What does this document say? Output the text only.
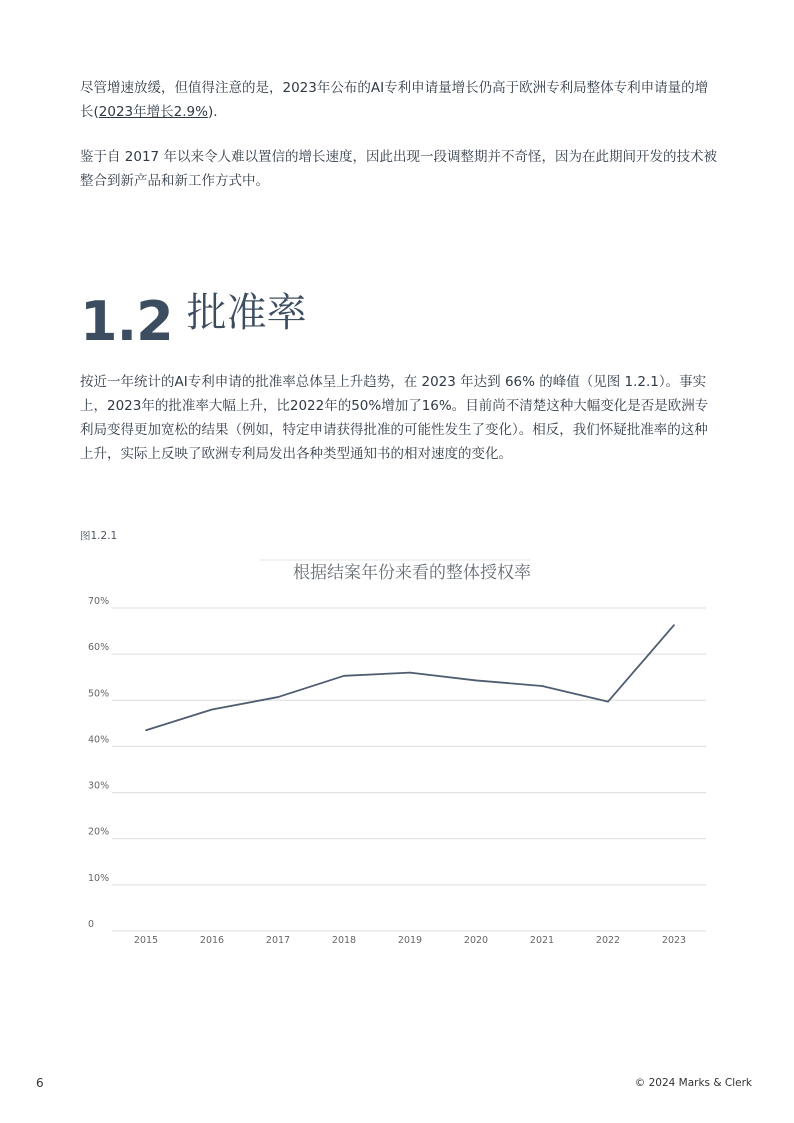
尽管增速放缓，但值得注意的是，2023年公布的AI专利申请量增长仍高于欧洲专利局整体专利申请量的增长(2023年增长2.9%).

鉴于自 2017 年以来令人难以置信的增长速度，因此出现一段调整期并不奇怪，因为在此期间开发的技术被整合到新产品和新工作方式中。

1.2 批准率

按近一年统计的AI专利申请的批准率总体呈上升趋势，在 2023 年达到 66% 的峰值（见图 1.2.1）。事实上，2023年的批准率大幅上升，比2022年的50%增加了16%。目前尚不清楚这种大幅变化是否是欧洲专利局变得更加宽松的结果（例如，特定申请获得批准的可能性发生了变化）。相反，我们怀疑批准率的这种上升，实际上反映了欧洲专利局发出各种类型通知书的相对速度的变化。

图1.2.1
根据结案年份来看的整体授权率
0
10%
20%
30%
40%
50%
60%
70%
2015	2016	2017	2018	2019	2020	2021	2022	2023
6	© 2024 Marks & Clerk
